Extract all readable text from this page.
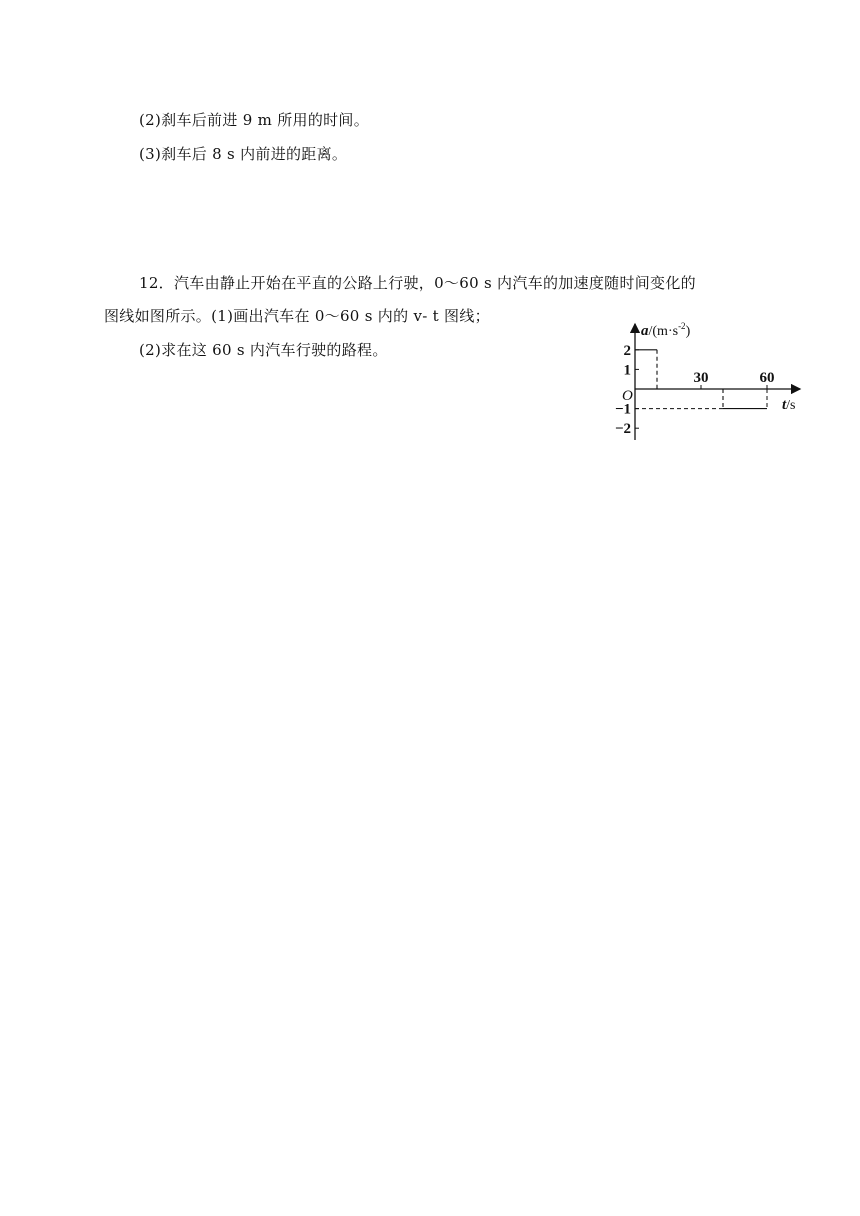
(2)刹车后前进 9 m 所用的时间。
(3)刹车后 8 s 内前进的距离。
12．汽车由静止开始在平直的公路上行驶，0～60 s 内汽车的加速度随时间变化的
图线如图所示。(1)画出汽车在 0～60 s 内的 v- t 图线；
(2)求在这 60 s 内汽车行驶的路程。
$a/(m\cdot s^{-2})$
t/s
O
30	60
2
1
−1
−2
